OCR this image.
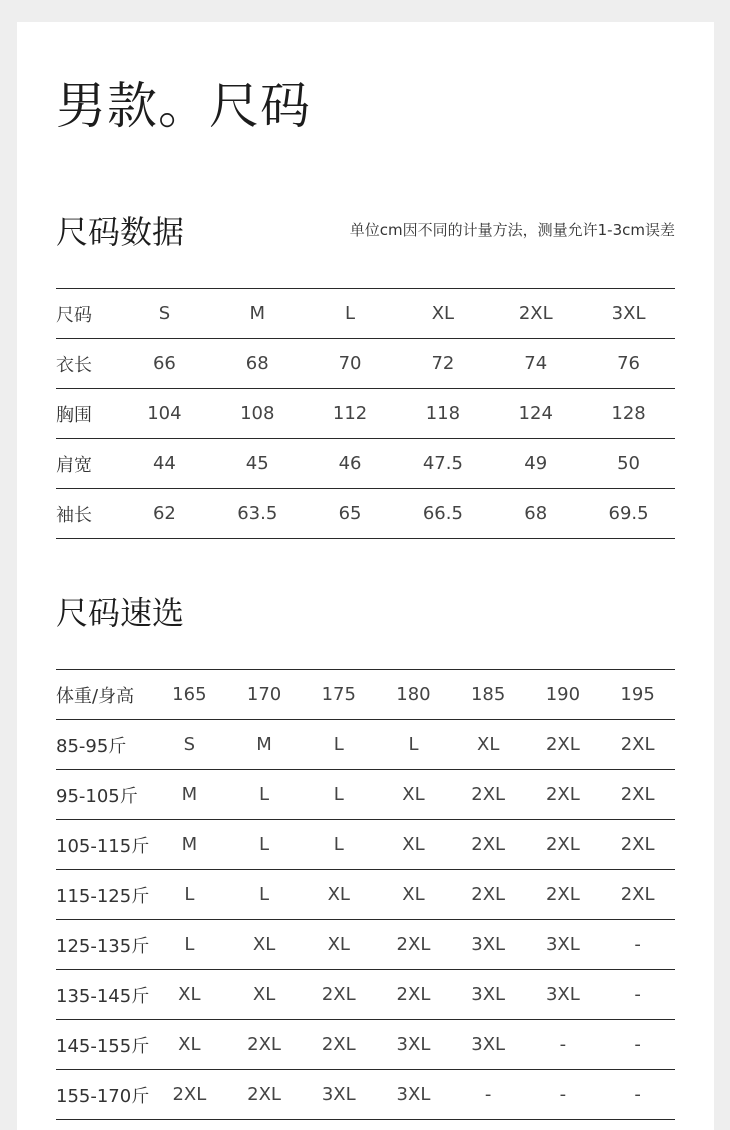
男款。尺码
尺码数据	单位cm因不同的计量方法，测量允许1-3cm误差
尺码	S	M	L	XL	2XL	3XL
衣长	66	68	70	72	74	76
胸围	104	108	112	118	124	128
肩宽	44	45	46	47.5	49	50
袖长	62	63.5	65	66.5	68	69.5
尺码速选
体重/身高	165	170	175	180	185	190	195
85-95斤	S	M	L	L	XL	2XL	2XL
95-105斤	M	L	L	XL	2XL	2XL	2XL
105-115斤	M	L	L	XL	2XL	2XL	2XL
115-125斤	L	L	XL	XL	2XL	2XL	2XL
125-135斤	L	XL	XL	2XL	3XL	3XL	-
135-145斤	XL	XL	2XL	2XL	3XL	3XL	-
145-155斤	XL	2XL	2XL	3XL	3XL	-	-
155-170斤	2XL	2XL	3XL	3XL	-	-	-
